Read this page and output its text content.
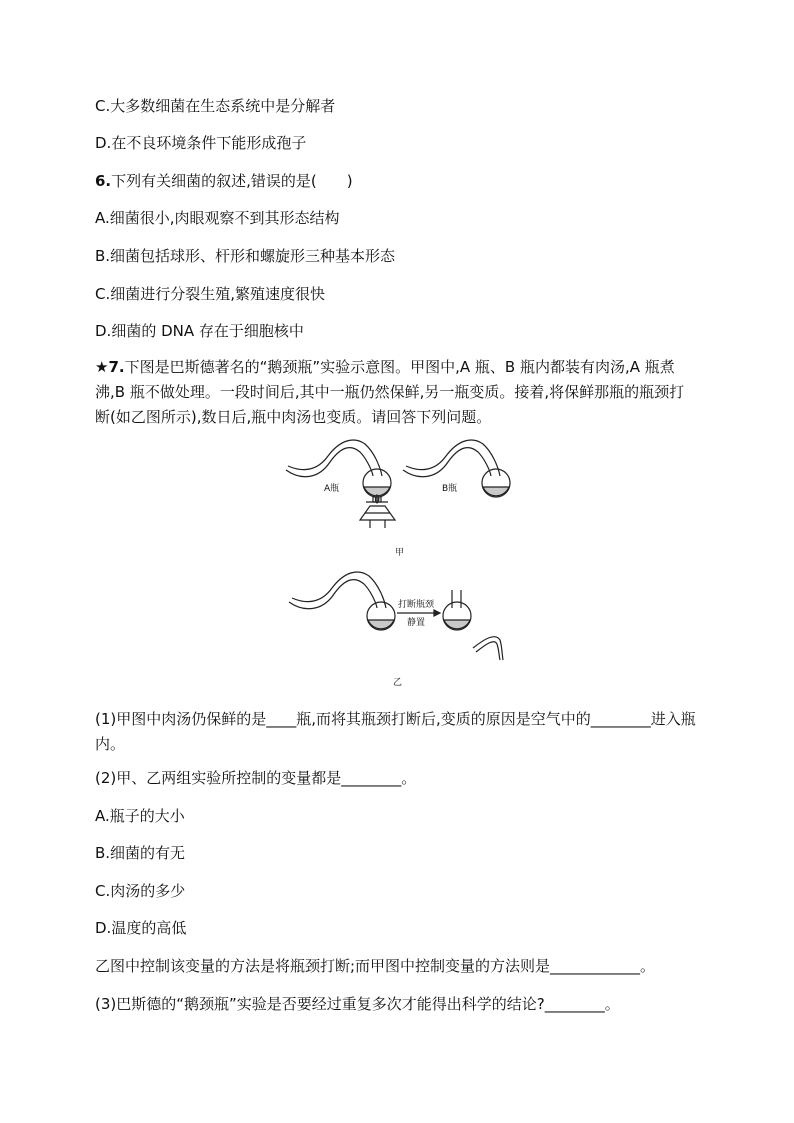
C.大多数细菌在生态系统中是分解者
D.在不良环境条件下能形成孢子
6.下列有关细菌的叙述,错误的是(　　)
A.细菌很小,肉眼观察不到其形态结构
B.细菌包括球形、杆形和螺旋形三种基本形态
C.细菌进行分裂生殖,繁殖速度很快
D.细菌的 DNA 存在于细胞核中
★7.下图是巴斯德著名的“鹅颈瓶”实验示意图。甲图中,A 瓶、B 瓶内都装有肉汤,A 瓶煮沸,B 瓶不做处理。一段时间后,其中一瓶仍然保鲜,另一瓶变质。接着,将保鲜那瓶的瓶颈打断(如乙图所示),数日后,瓶中肉汤也变质。请回答下列问题。
A瓶	B瓶
甲
打断瓶颈
静置
乙
(1)甲图中肉汤仍保鲜的是____瓶,而将其瓶颈打断后,变质的原因是空气中的________进入瓶内。
(2)甲、乙两组实验所控制的变量都是________。
A.瓶子的大小
B.细菌的有无
C.肉汤的多少
D.温度的高低
乙图中控制该变量的方法是将瓶颈打断;而甲图中控制变量的方法则是____________。
(3)巴斯德的“鹅颈瓶”实验是否要经过重复多次才能得出科学的结论?________。
